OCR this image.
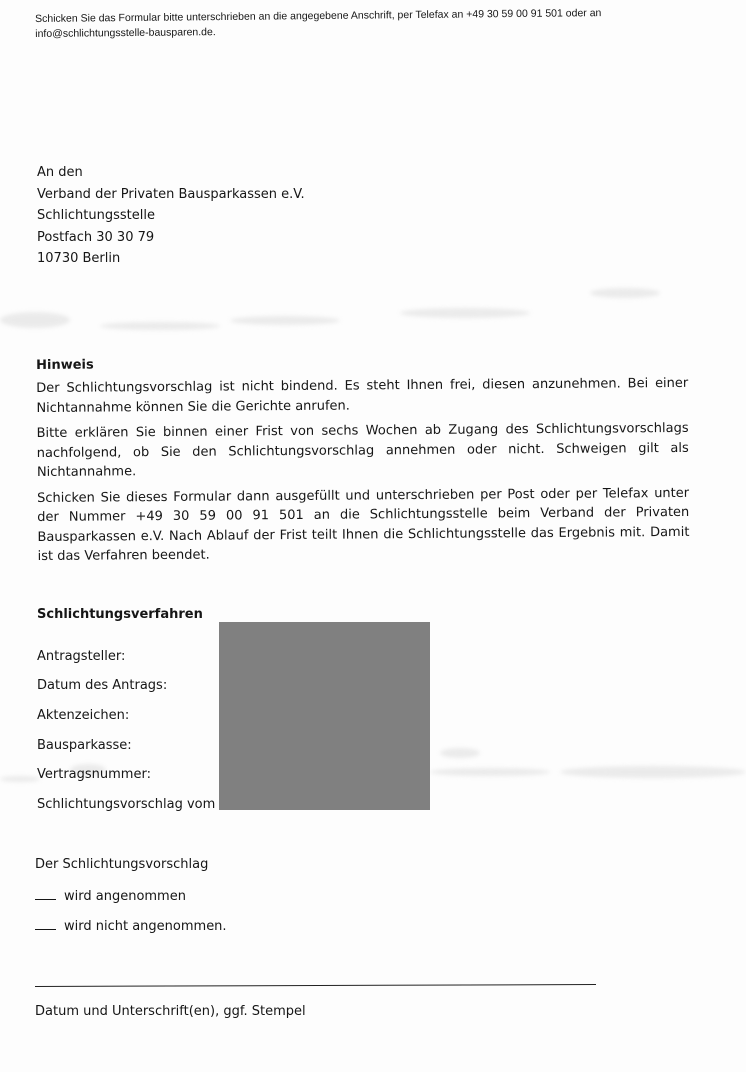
Schicken Sie das Formular bitte unterschrieben an die angegebene Anschrift, per Telefax an +49 30 59 00 91 501 oder an info@schlichtungsstelle-bausparen.de.

An den
Verband der Privaten Bausparkassen e.V.
Schlichtungsstelle
Postfach 30 30 79
10730 Berlin
Hinweis

Der Schlichtungsvorschlag ist nicht bindend. Es steht Ihnen frei, diesen anzunehmen. Bei einer Nichtannahme können Sie die Gerichte anrufen.

Bitte erklären Sie binnen einer Frist von sechs Wochen ab Zugang des Schlichtungsvorschlags nachfolgend, ob Sie den Schlichtungsvorschlag annehmen oder nicht. Schweigen gilt als Nichtannahme.

Schicken Sie dieses Formular dann ausgefüllt und unterschrieben per Post oder per Telefax unter der Nummer +49 30 59 00 91 501 an die Schlichtungsstelle beim Verband der Privaten Bausparkassen e.V. Nach Ablauf der Frist teilt Ihnen die Schlichtungsstelle das Ergebnis mit. Damit ist das Verfahren beendet.

Schlichtungsverfahren
Antragsteller:
Datum des Antrags:
Aktenzeichen:
Bausparkasse:
Vertragsnummer:
Schlichtungsvorschlag vom
Der Schlichtungsvorschlag
wird angenommen
wird nicht angenommen.
Datum und Unterschrift(en), ggf. Stempel
